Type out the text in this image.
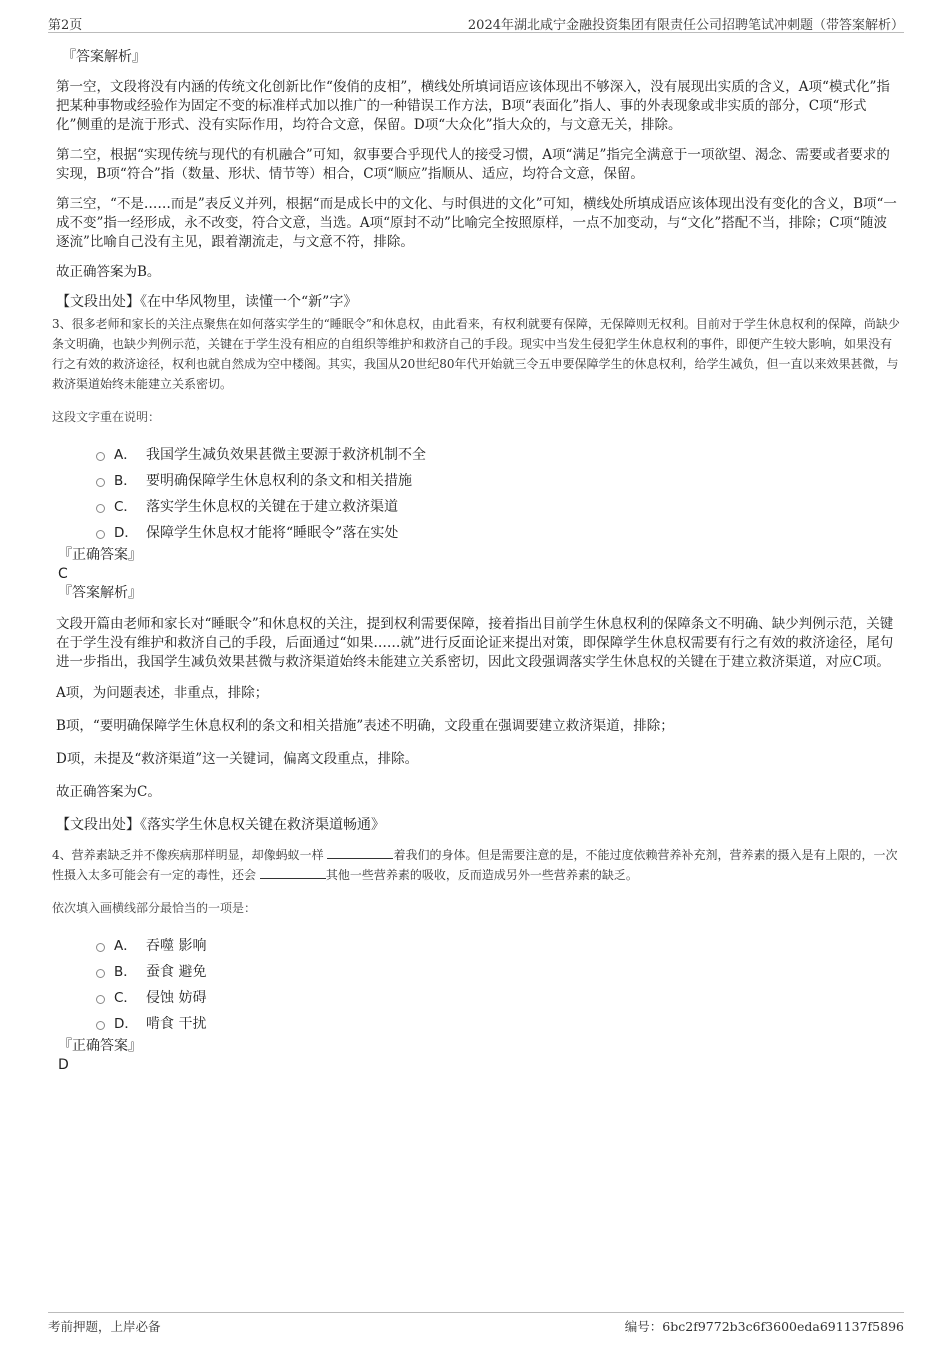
第2页	2024年湖北咸宁金融投资集团有限责任公司招聘笔试冲刺题（带答案解析）

『答案解析』

第一空，文段将没有内涵的传统文化创新比作“俊俏的皮相”，横线处所填词语应该体现出不够深入，没有展现出实质的含义，A项“模式化”指把某种事物或经验作为固定不变的标准样式加以推广的一种错误工作方法，B项“表面化”指人、事的外表现象或非实质的部分，C项“形式化”侧重的是流于形式、没有实际作用，均符合文意，保留。D项“大众化”指大众的，与文意无关，排除。

第二空，根据“实现传统与现代的有机融合”可知，叙事要合乎现代人的接受习惯，A项“满足”指完全满意于一项欲望、渴念、需要或者要求的实现，B项“符合”指（数量、形状、情节等）相合，C项“顺应”指顺从、适应，均符合文意，保留。

第三空，“不是……而是”表反义并列，根据“而是成长中的文化、与时俱进的文化”可知，横线处所填成语应该体现出没有变化的含义，B项“一成不变”指一经形成，永不改变，符合文意，当选。A项“原封不动”比喻完全按照原样，一点不加变动，与“文化”搭配不当，排除；C项“随波逐流”比喻自己没有主见，跟着潮流走，与文意不符，排除。

故正确答案为B。

【文段出处】《在中华风物里，读懂一个“新”字》

3、很多老师和家长的关注点聚焦在如何落实学生的“睡眠令”和休息权，由此看来，有权利就要有保障，无保障则无权利。目前对于学生休息权利的保障，尚缺少条文明确，也缺少判例示范，关键在于学生没有相应的自组织等维护和救济自己的手段。现实中当发生侵犯学生休息权利的事件，即便产生较大影响，如果没有行之有效的救济途径，权利也就自然成为空中楼阁。其实，我国从20世纪80年代开始就三令五申要保障学生的休息权利，给学生减负，但一直以来效果甚微，与救济渠道始终未能建立关系密切。

这段文字重在说明：

A． 我国学生减负效果甚微主要源于救济机制不全
B． 要明确保障学生休息权利的条文和相关措施
C． 落实学生休息权的关键在于建立救济渠道
D． 保障学生休息权才能将“睡眠令”落在实处

『正确答案』

C

『答案解析』

文段开篇由老师和家长对“睡眠令”和休息权的关注，提到权利需要保障，接着指出目前学生休息权利的保障条文不明确、缺少判例示范，关键在于学生没有维护和救济自己的手段，后面通过“如果……就”进行反面论证来提出对策，即保障学生休息权需要有行之有效的救济途径，尾句进一步指出，我国学生减负效果甚微与救济渠道始终未能建立关系密切，因此文段强调落实学生休息权的关键在于建立救济渠道，对应C项。

A项，为问题表述，非重点，排除；

B项，“要明确保障学生休息权利的条文和相关措施”表述不明确，文段重在强调要建立救济渠道，排除；

D项，未提及“救济渠道”这一关键词，偏离文段重点，排除。

故正确答案为C。

【文段出处】《落实学生休息权关键在救济渠道畅通》

4、营养素缺乏并不像疾病那样明显，却像蚂蚁一样	着我们的身体。但是需要注意的是，不能过度依赖营养补充剂，营养素的摄入是有上限的，一次性摄入太多可能会有一定的毒性，还会	其他一些营养素的吸收，反而造成另外一些营养素的缺乏。

依次填入画横线部分最恰当的一项是：

A． 吞噬 影响
B． 蚕食 避免
C． 侵蚀 妨碍
D． 啃食 干扰

『正确答案』

D

考前押题，上岸必备	编号：6bc2f9772b3c6f3600eda691137f5896
